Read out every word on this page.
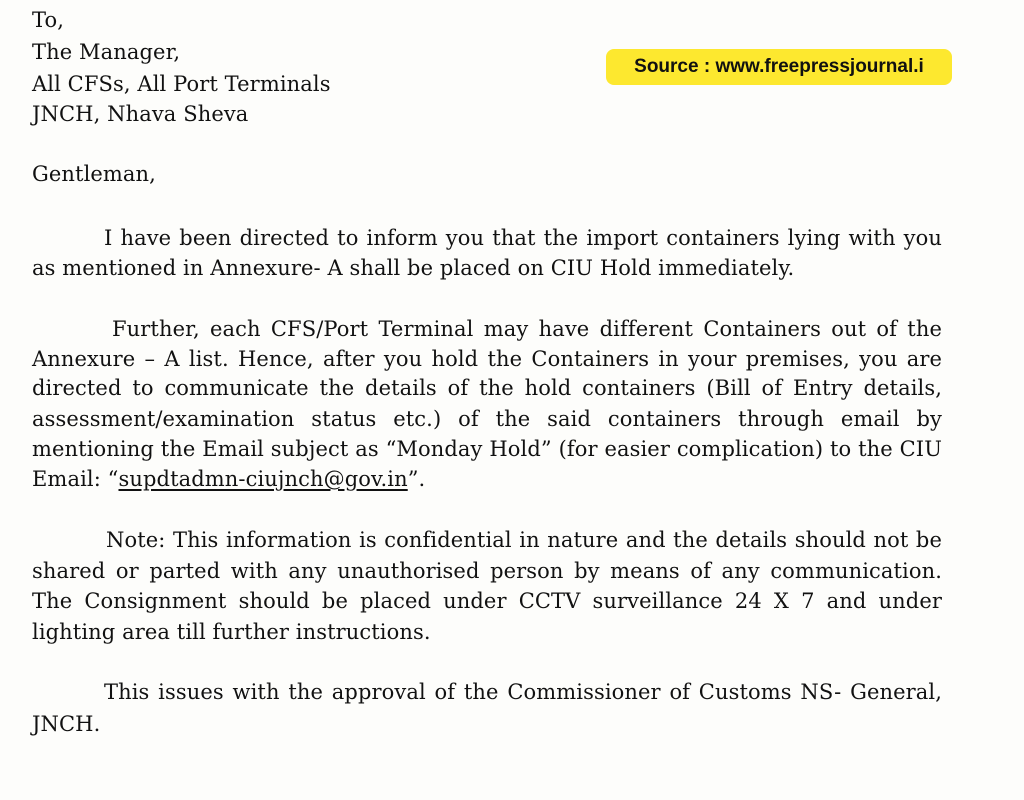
Source : www.freepressjournal.i
To,
The Manager,
All CFSs, All Port Terminals
JNCH, Nhava Sheva
Gentleman,
I have been directed to inform you that the import containers lying with you
as mentioned in Annexure- A shall be placed on CIU Hold immediately.
Further, each CFS/Port Terminal may have different Containers out of the
Annexure – A list. Hence, after you hold the Containers in your premises, you are
directed to communicate the details of the hold containers (Bill of Entry details,
assessment/examination status etc.) of the said containers through email by
mentioning the Email subject as “Monday Hold” (for easier complication) to the CIU
Email: “supdtadmn-ciujnch@gov.in”.
Note: This information is confidential in nature and the details should not be
shared or parted with any unauthorised person by means of any communication.
The Consignment should be placed under CCTV surveillance 24 X 7 and under
lighting area till further instructions.
This issues with the approval of the Commissioner of Customs NS- General,
JNCH.
